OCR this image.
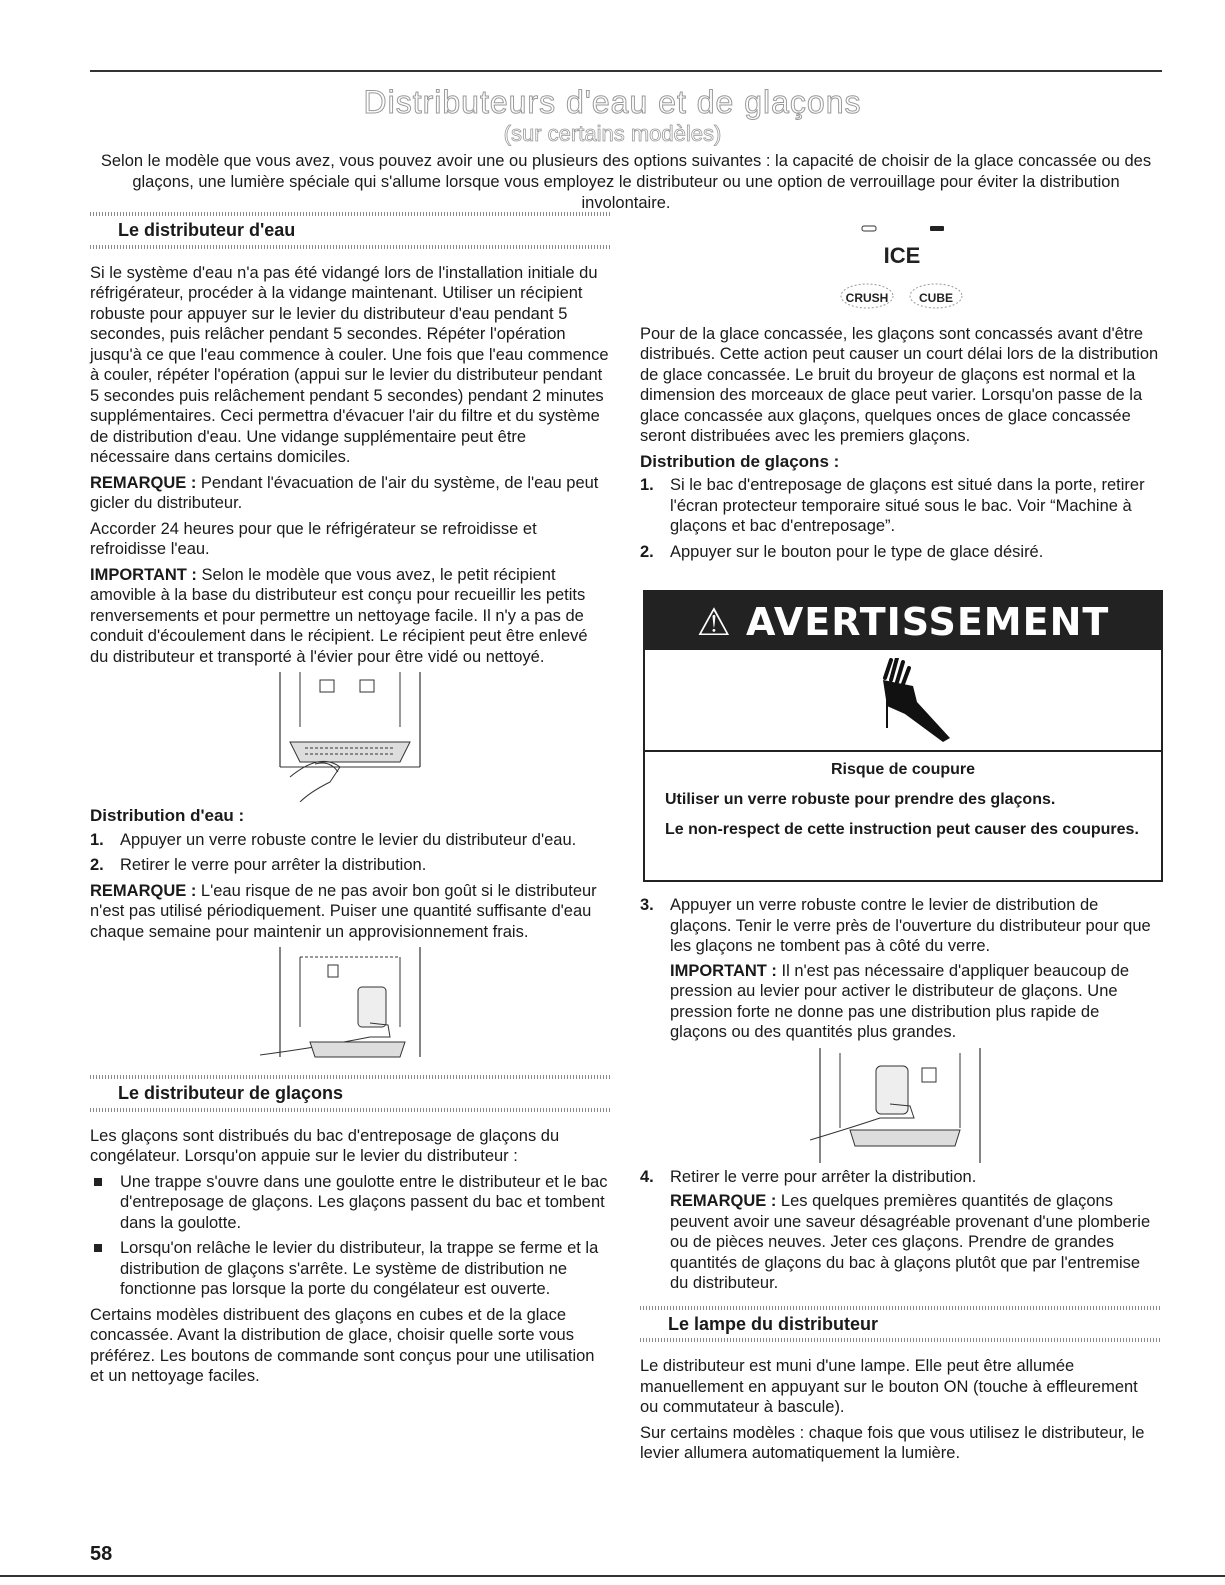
Distributeurs d'eau et de glaçons
(sur certains modèles)
Selon le modèle que vous avez, vous pouvez avoir une ou plusieurs des options suivantes : la capacité de choisir de la glace concassée ou des glaçons, une lumière spéciale qui s'allume lorsque vous employez le distributeur ou une option de verrouillage pour éviter la distribution involontaire.
Le distributeur d'eau

Si le système d'eau n'a pas été vidangé lors de l'installation initiale du réfrigérateur, procéder à la vidange maintenant. Utiliser un récipient robuste pour appuyer sur le levier du distributeur d'eau pendant 5 secondes, puis relâcher pendant 5 secondes. Répéter l'opération jusqu'à ce que l'eau commence à couler. Une fois que l'eau commence à couler, répéter l'opération (appui sur le levier du distributeur pendant 5 secondes puis relâchement pendant 5 secondes) pendant 2 minutes supplémentaires. Ceci permettra d'évacuer l'air du filtre et du système de distribution d'eau. Une vidange supplémentaire peut être nécessaire dans certains domiciles.

REMARQUE : Pendant l'évacuation de l'air du système, de l'eau peut gicler du distributeur.

Accorder 24 heures pour que le réfrigérateur se refroidisse et refroidisse l'eau.

IMPORTANT : Selon le modèle que vous avez, le petit récipient amovible à la base du distributeur est conçu pour recueillir les petits renversements et pour permettre un nettoyage facile. Il n'y a pas de conduit d'écoulement dans le récipient. Le récipient peut être enlevé du distributeur et transporté à l'évier pour être vidé ou nettoyé.

Distribution d'eau :
1. Appuyer un verre robuste contre le levier du distributeur d'eau.
2. Retirer le verre pour arrêter la distribution.

REMARQUE : L'eau risque de ne pas avoir bon goût si le distributeur n'est pas utilisé périodiquement. Puiser une quantité suffisante d'eau chaque semaine pour maintenir un approvisionnement frais.

Le distributeur de glaçons

Les glaçons sont distribués du bac d'entreposage de glaçons du congélateur. Lorsqu'on appuie sur le levier du distributeur :

Une trappe s'ouvre dans une goulotte entre le distributeur et le bac d'entreposage de glaçons. Les glaçons passent du bac et tombent dans la goulotte.
Lorsqu'on relâche le levier du distributeur, la trappe se ferme et la distribution de glaçons s'arrête. Le système de distribution ne fonctionne pas lorsque la porte du congélateur est ouverte.

Certains modèles distribuent des glaçons en cubes et de la glace concassée. Avant la distribution de glace, choisir quelle sorte vous préférez. Les boutons de commande sont conçus pour une utilisation et un nettoyage faciles.

ICE
CRUSH	CUBE

Pour de la glace concassée, les glaçons sont concassés avant d'être distribués. Cette action peut causer un court délai lors de la distribution de glace concassée. Le bruit du broyeur de glaçons est normal et la dimension des morceaux de glace peut varier. Lorsqu'on passe de la glace concassée aux glaçons, quelques onces de glace concassée seront distribuées avec les premiers glaçons.

Distribution de glaçons :
1. Si le bac d'entreposage de glaçons est situé dans la porte, retirer l'écran protecteur temporaire situé sous le bac. Voir “Machine à glaçons et bac d'entreposage”.
2. Appuyer sur le bouton pour le type de glace désiré.
⚠ AVERTISSEMENT

Risque de coupure

Utiliser un verre robuste pour prendre des glaçons.

Le non-respect de cette instruction peut causer des coupures.

3. Appuyer un verre robuste contre le levier de distribution de glaçons. Tenir le verre près de l'ouverture du distributeur pour que les glaçons ne tombent pas à côté du verre.

IMPORTANT : Il n'est pas nécessaire d'appliquer beaucoup de pression au levier pour activer le distributeur de glaçons. Une pression forte ne donne pas une distribution plus rapide de glaçons ou des quantités plus grandes.

4. Retirer le verre pour arrêter la distribution.

REMARQUE : Les quelques premières quantités de glaçons peuvent avoir une saveur désagréable provenant d'une plomberie ou de pièces neuves. Jeter ces glaçons. Prendre de grandes quantités de glaçons du bac à glaçons plutôt que par l'entremise du distributeur.

Le lampe du distributeur

Le distributeur est muni d'une lampe. Elle peut être allumée manuellement en appuyant sur le bouton ON (touche à effleurement ou commutateur à bascule).

Sur certains modèles : chaque fois que vous utilisez le distributeur, le levier allumera automatiquement la lumière.

58
